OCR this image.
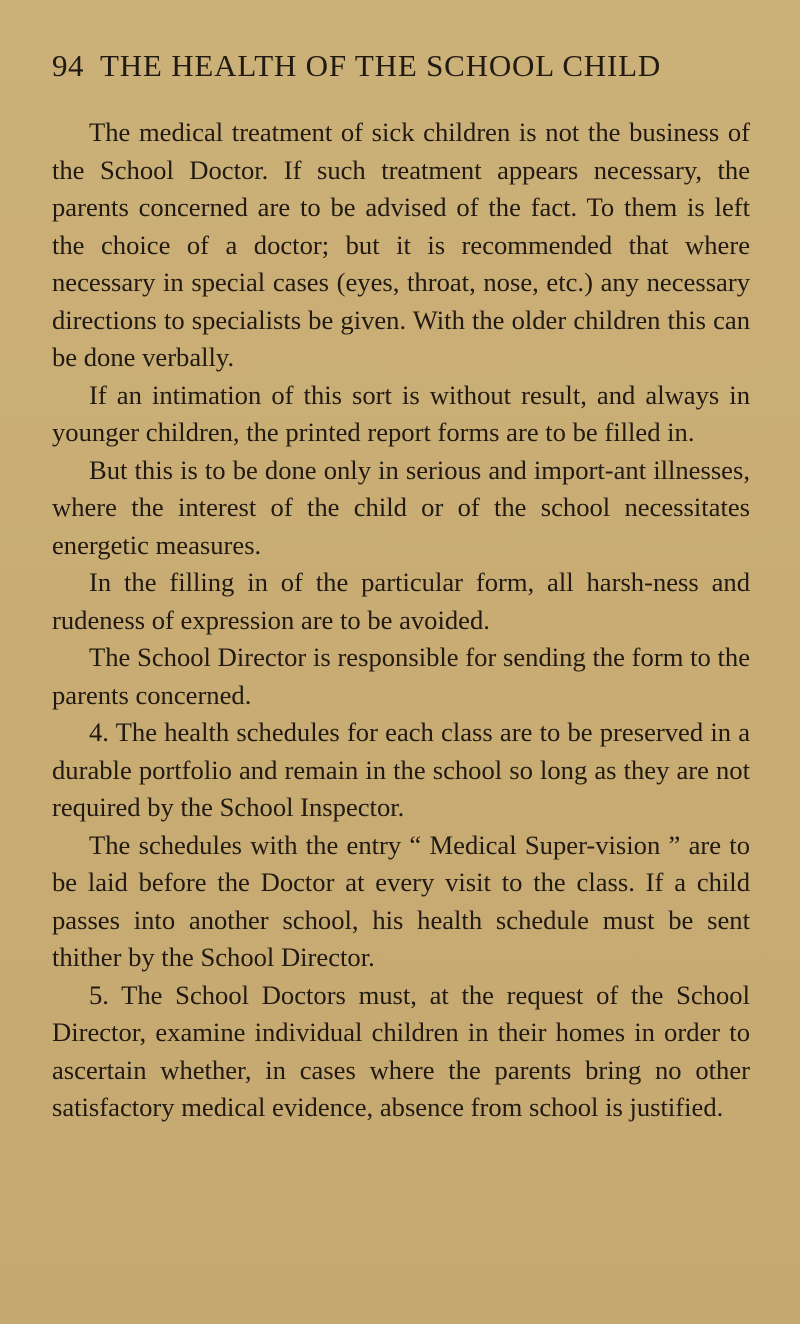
94 THE HEALTH OF THE SCHOOL CHILD

The medical treatment of sick children is not the business of the School Doctor. If such treatment appears necessary, the parents concerned are to be advised of the fact. To them is left the choice of a doctor; but it is recommended that where necessary in special cases (eyes, throat, nose, etc.) any necessary directions to specialists be given. With the older children this can be done verbally.

If an intimation of this sort is without result, and always in younger children, the printed report forms are to be filled in.

But this is to be done only in serious and import-ant illnesses, where the interest of the child or of the school necessitates energetic measures.

In the filling in of the particular form, all harsh-ness and rudeness of expression are to be avoided.

The School Director is responsible for sending the form to the parents concerned.

4. The health schedules for each class are to be preserved in a durable portfolio and remain in the school so long as they are not required by the School Inspector.

The schedules with the entry “ Medical Super-vision ” are to be laid before the Doctor at every visit to the class. If a child passes into another school, his health schedule must be sent thither by the School Director.

5. The School Doctors must, at the request of the School Director, examine individual children in their homes in order to ascertain whether, in cases where the parents bring no other satisfactory medical evidence, absence from school is justified.
